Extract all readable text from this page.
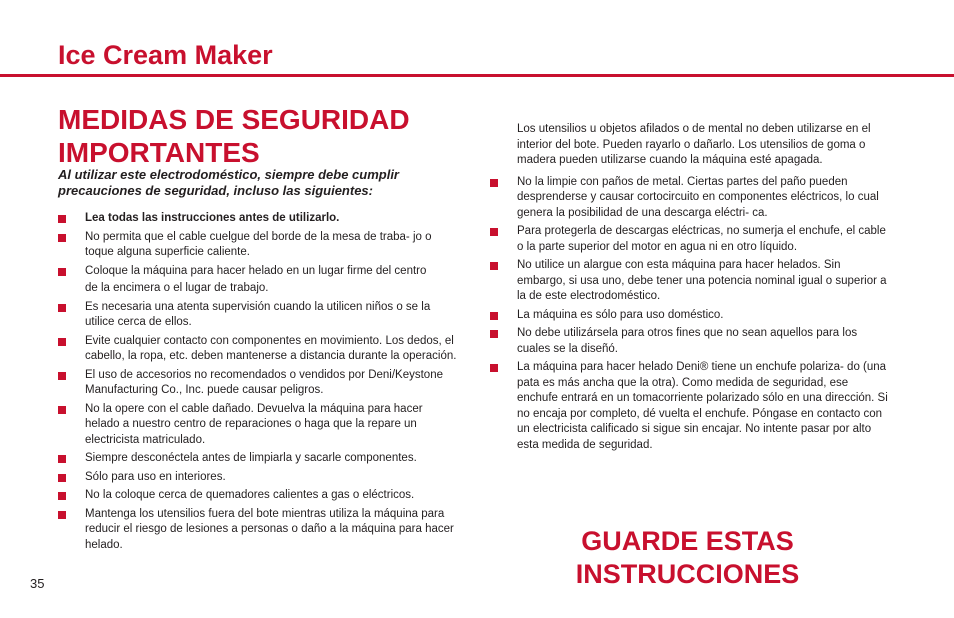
Ice Cream Maker
MEDIDAS DE SEGURIDAD IMPORTANTES
Al utilizar este electrodoméstico, siempre debe cumplir precauciones de seguridad, incluso las siguientes:
Lea todas las instrucciones antes de utilizarlo.
No permita que el cable cuelgue del borde de la mesa de traba- jo o toque alguna superficie caliente.
Coloque la máquina para hacer helado en un lugar firme del centro
de la encimera o el lugar de trabajo.
Es necesaria una atenta supervisión cuando la utilicen niños o se la utilice cerca de ellos.
Evite cualquier contacto con componentes en movimiento. Los dedos, el cabello, la ropa, etc. deben mantenerse a distancia durante la operación.
El uso de accesorios no recomendados o vendidos por Deni/Keystone Manufacturing Co., Inc. puede causar peligros.
No la opere con el cable dañado. Devuelva la máquina para hacer helado a nuestro centro de reparaciones o haga que la repare un electricista matriculado.
Siempre desconéctela antes de limpiarla y sacarle componentes.
Sólo para uso en interiores.
No la coloque cerca de quemadores calientes a gas o eléctricos.
Mantenga los utensilios fuera del bote mientras utiliza la máquina para reducir el riesgo de lesiones a personas o daño a la máquina para hacer helado.
Los utensilios u objetos afilados o de mental no deben utilizarse en el interior del bote. Pueden rayarlo o dañarlo. Los utensilios de goma o madera pueden utilizarse cuando la máquina esté apagada.
No la limpie con paños de metal. Ciertas partes del paño pueden desprenderse y causar cortocircuito en componentes eléctricos, lo cual genera la posibilidad de una descarga eléctri- ca.
Para protegerla de descargas eléctricas, no sumerja el enchufe, el cable o la parte superior del motor en agua ni en otro líquido.
No utilice un alargue con esta máquina para hacer helados. Sin embargo, si usa uno, debe tener una potencia nominal igual o superior a la de este electrodoméstico.
La máquina es sólo para uso doméstico.
No debe utilizársela para otros fines que no sean aquellos para los cuales se la diseñó.
La máquina para hacer helado Deni® tiene un enchufe polariza- do (una pata es más ancha que la otra). Como medida de seguridad, ese enchufe entrará en un tomacorriente polarizado sólo en una dirección. Si no encaja por completo, dé vuelta el enchufe. Póngase en contacto con un electricista calificado si sigue sin encajar. No intente pasar por alto esta medida de seguridad.
GUARDE ESTAS INSTRUCCIONES
35
